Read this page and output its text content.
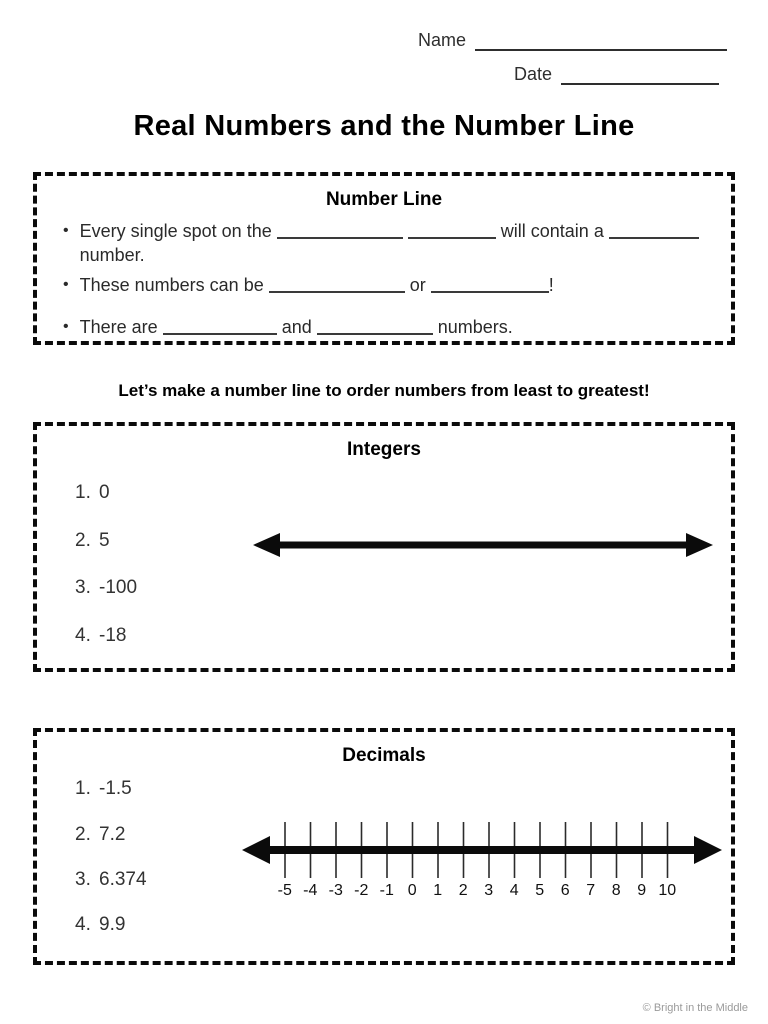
Name
Date
Real Numbers and the Number Line
Number Line
• Every single spot on the	will contain a
number.
• These numbers can be	or	!
• There are	and	numbers.
Let’s make a number line to order numbers from least to greatest!
Integers
1. 0
2. 5
3. -100
4. -18
Decimals
1. -1.5
2. 7.2
3. 6.374
4. 9.9
-5 -4 -3 -2 -1 0	1	2	3	4	5	6	7	8	9 10
© Bright in the Middle
